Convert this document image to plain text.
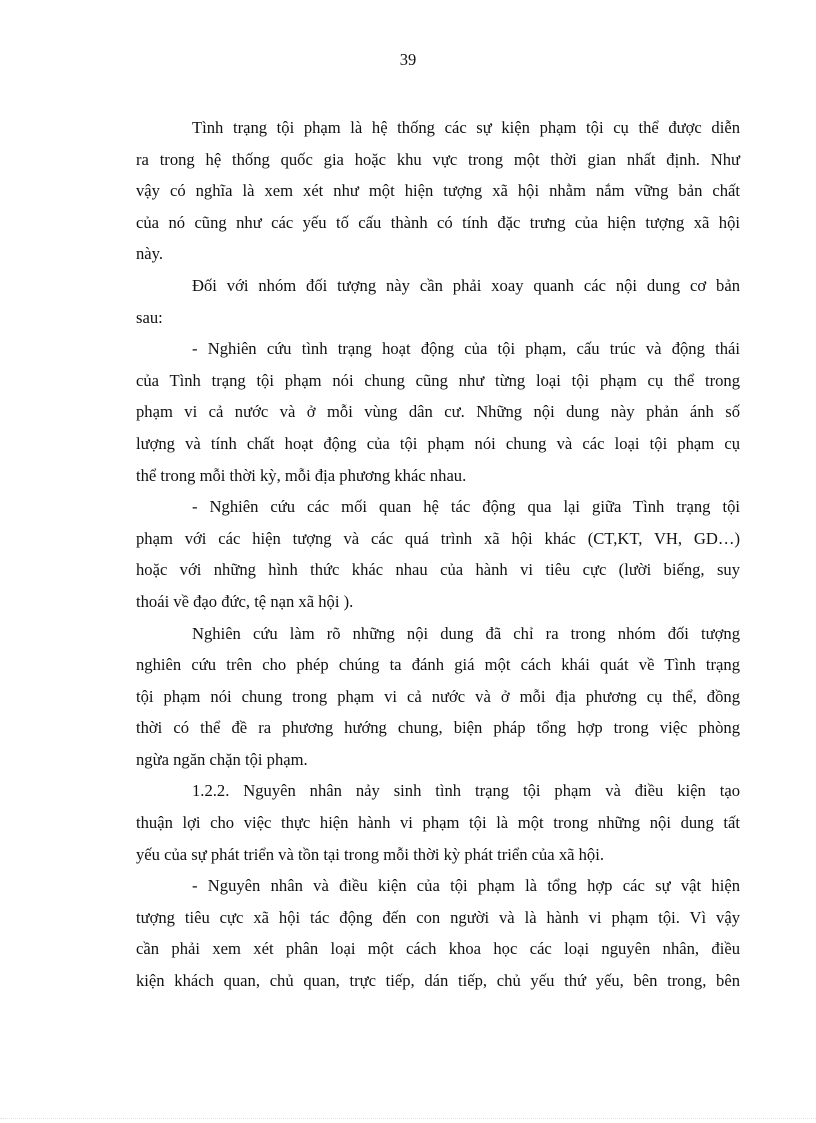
39
Tình trạng tội phạm là hệ thống các sự kiện phạm tội cụ thể được diễn
ra trong hệ thống quốc gia hoặc khu vực trong một thời gian nhất định. Như
vậy có nghĩa là xem xét như một hiện tượng xã hội nhằm nắm vững bản chất
của nó cũng như các yếu tố cấu thành có tính đặc trưng của hiện tượng xã hội
này.
Đối với nhóm đối tượng này cần phải xoay quanh các nội dung cơ bản
sau:
- Nghiên cứu tình trạng hoạt động của tội phạm, cấu trúc và động thái
của Tình trạng tội phạm nói chung cũng như từng loại tội phạm cụ thể trong
phạm vi cả nước và ở mỗi vùng dân cư. Những nội dung này phản ánh số
lượng và tính chất hoạt động của tội phạm nói chung và các loại tội phạm cụ
thể trong mỗi thời kỳ, mỗi địa phương khác nhau.
- Nghiên cứu các mối quan hệ tác động qua lại giữa Tình trạng tội
phạm với các hiện tượng và các quá trình xã hội khác (CT,KT, VH, GD…)
hoặc với những hình thức khác nhau của hành vi tiêu cực (lười biếng, suy
thoái về đạo đức, tệ nạn xã hội ).
Nghiên cứu làm rõ những nội dung đã chỉ ra trong nhóm đối tượng
nghiên cứu trên cho phép chúng ta đánh giá một cách khái quát về Tình trạng
tội phạm nói chung trong phạm vi cả nước và ở mỗi địa phương cụ thể, đồng
thời có thể đề ra phương hướng chung, biện pháp tổng hợp trong việc phòng
ngừa ngăn chặn tội phạm.
1.2.2. Nguyên nhân nảy sinh tình trạng tội phạm và điều kiện tạo
thuận lợi cho việc thực hiện hành vi phạm tội là một trong những nội dung tất
yếu của sự phát triển và tồn tại trong mỗi thời kỳ phát triển của xã hội.
- Nguyên nhân và điều kiện của tội phạm là tổng hợp các sự vật hiện
tượng tiêu cực xã hội tác động đến con người và là hành vi phạm tội. Vì vậy
cần phải xem xét phân loại một cách khoa học các loại nguyên nhân, điều
kiện khách quan, chủ quan, trực tiếp, dán tiếp, chủ yếu thứ yếu, bên trong, bên
